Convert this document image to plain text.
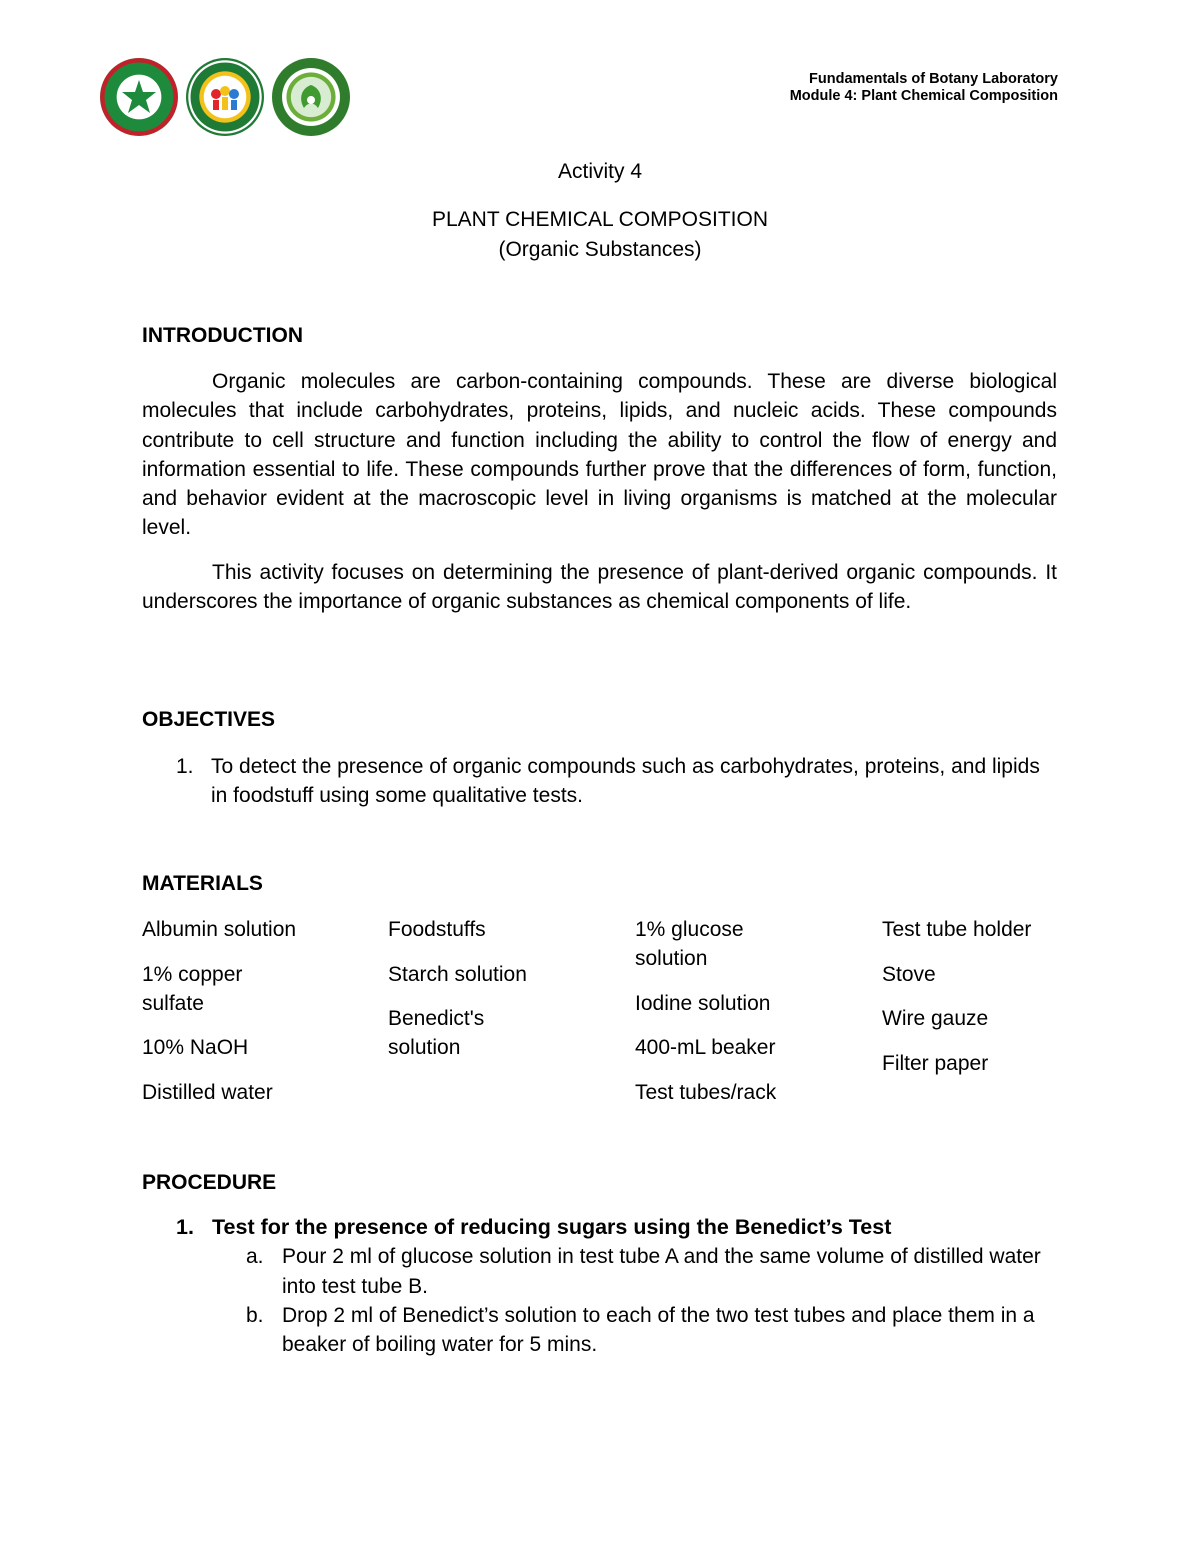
Fundamentals of Botany Laboratory
Module 4: Plant Chemical Composition
Activity 4
PLANT CHEMICAL COMPOSITION
(Organic Substances)
INTRODUCTION

Organic molecules are carbon-containing compounds. These are diverse biological molecules that include carbohydrates, proteins, lipids, and nucleic acids. These compounds contribute to cell structure and function including the ability to control the flow of energy and information essential to life. These compounds further prove that the differences of form, function, and behavior evident at the macroscopic level in living organisms is matched at the molecular level.

This activity focuses on determining the presence of plant-derived organic compounds. It underscores the importance of organic substances as chemical components of life.

OBJECTIVES
1. To detect the presence of organic compounds such as carbohydrates, proteins, and lipids in foodstuff using some qualitative tests.
MATERIALS
Albumin solution
1% copper sulfate
10% NaOH
Distilled water
Foodstuffs
Starch solution
Benedict's solution
1% glucose solution
Iodine solution
400-mL beaker
Test tubes/rack
Test tube holder
Stove
Wire gauze
Filter paper
PROCEDURE
1. Test for the presence of reducing sugars using the Benedict’s Test
a. Pour 2 ml of glucose solution in test tube A and the same volume of distilled water into test tube B.
b. Drop 2 ml of Benedict’s solution to each of the two test tubes and place them in a beaker of boiling water for 5 mins.
